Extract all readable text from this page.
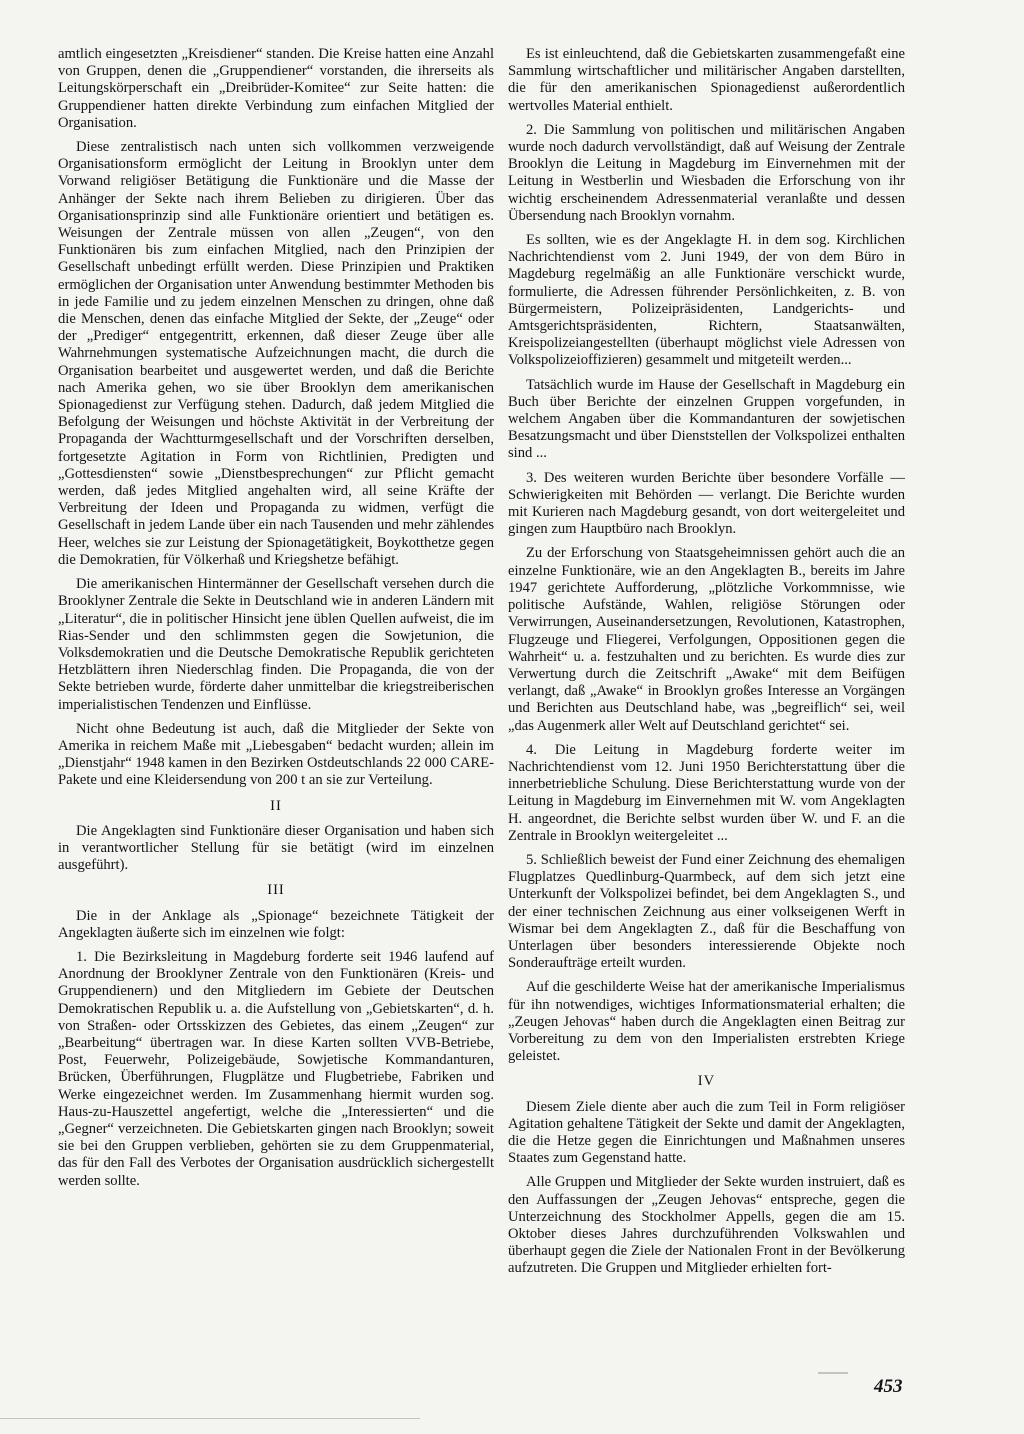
amtlich eingesetzten „Kreisdiener“ standen. Die Kreise hatten eine Anzahl von Gruppen, denen die „Gruppendiener“ vorstanden, die ihrerseits als Leitungskörperschaft ein „Dreibrüder-Komitee“ zur Seite hatten: die Gruppendiener hatten direkte Verbindung zum einfachen Mitglied der Organisation.

Diese zentralistisch nach unten sich vollkommen verzweigende Organisationsform ermöglicht der Leitung in Brooklyn unter dem Vorwand religiöser Betätigung die Funktionäre und die Masse der Anhänger der Sekte nach ihrem Belieben zu dirigieren. Über das Organisationsprinzip sind alle Funktionäre orientiert und betätigen es. Weisungen der Zentrale müssen von allen „Zeugen“, von den Funktionären bis zum einfachen Mitglied, nach den Prinzipien der Gesellschaft unbedingt erfüllt werden. Diese Prinzipien und Praktiken ermöglichen der Organisation unter Anwendung bestimmter Methoden bis in jede Familie und zu jedem einzelnen Menschen zu dringen, ohne daß die Menschen, denen das einfache Mitglied der Sekte, der „Zeuge“ oder der „Prediger“ entgegentritt, erkennen, daß dieser Zeuge über alle Wahrnehmungen systematische Aufzeichnungen macht, die durch die Organisation bearbeitet und ausgewertet werden, und daß die Berichte nach Amerika gehen, wo sie über Brooklyn dem amerikanischen Spionagedienst zur Verfügung stehen. Dadurch, daß jedem Mitglied die Befolgung der Weisungen und höchste Aktivität in der Verbreitung der Propaganda der Wachtturmgesellschaft und der Vorschriften derselben, fortgesetzte Agitation in Form von Richtlinien, Predigten und „Gottesdiensten“ sowie „Dienstbesprechungen“ zur Pflicht gemacht werden, daß jedes Mitglied angehalten wird, all seine Kräfte der Verbreitung der Ideen und Propaganda zu widmen, verfügt die Gesellschaft in jedem Lande über ein nach Tausenden und mehr zählendes Heer, welches sie zur Leistung der Spionagetätigkeit, Boykotthetze gegen die Demokratien, für Völkerhaß und Kriegshetze befähigt.

Die amerikanischen Hintermänner der Gesellschaft versehen durch die Brooklyner Zentrale die Sekte in Deutschland wie in anderen Ländern mit „Literatur“, die in politischer Hinsicht jene üblen Quellen aufweist, die im Rias-Sender und den schlimmsten gegen die Sowjetunion, die Volksdemokratien und die Deutsche Demokratische Republik gerichteten Hetzblättern ihren Niederschlag finden. Die Propaganda, die von der Sekte betrieben wurde, förderte daher unmittelbar die kriegstreiberischen imperialistischen Tendenzen und Einflüsse.

Nicht ohne Bedeutung ist auch, daß die Mitglieder der Sekte von Amerika in reichem Maße mit „Liebesgaben“ bedacht wurden; allein im „Dienstjahr“ 1948 kamen in den Bezirken Ostdeutschlands 22 000 CARE-Pakete und eine Kleidersendung von 200 t an sie zur Verteilung.

II

Die Angeklagten sind Funktionäre dieser Organisation und haben sich in verantwortlicher Stellung für sie betätigt (wird im einzelnen ausgeführt).

III

Die in der Anklage als „Spionage“ bezeichnete Tätigkeit der Angeklagten äußerte sich im einzelnen wie folgt:

1. Die Bezirksleitung in Magdeburg forderte seit 1946 laufend auf Anordnung der Brooklyner Zentrale von den Funktionären (Kreis- und Gruppendienern) und den Mitgliedern im Gebiete der Deutschen Demokratischen Republik u. a. die Aufstellung von „Gebietskarten“, d. h. von Straßen- oder Ortsskizzen des Gebietes, das einem „Zeugen“ zur „Bearbeitung“ übertragen war. In diese Karten sollten VVB-Betriebe, Post, Feuerwehr, Polizeigebäude, Sowjetische Kommandanturen, Brücken, Überführungen, Flugplätze und Flugbetriebe, Fabriken und Werke eingezeichnet werden. Im Zusammenhang hiermit wurden sog. Haus-zu-Hauszettel angefertigt, welche die „Interessierten“ und die „Gegner“ verzeichneten. Die Gebietskarten gingen nach Brooklyn; soweit sie bei den Gruppen verblieben, gehörten sie zu dem Gruppenmaterial, das für den Fall des Verbotes der Organisation ausdrücklich sichergestellt werden sollte.

Es ist einleuchtend, daß die Gebietskarten zusammengefaßt eine Sammlung wirtschaftlicher und militärischer Angaben darstellten, die für den amerikanischen Spionagedienst außerordentlich wertvolles Material enthielt.

2. Die Sammlung von politischen und militärischen Angaben wurde noch dadurch vervollständigt, daß auf Weisung der Zentrale Brooklyn die Leitung in Magdeburg im Einvernehmen mit der Leitung in Westberlin und Wiesbaden die Erforschung von ihr wichtig erscheinendem Adressenmaterial veranlaßte und dessen Übersendung nach Brooklyn vornahm.

Es sollten, wie es der Angeklagte H. in dem sog. Kirchlichen Nachrichtendienst vom 2. Juni 1949, der von dem Büro in Magdeburg regelmäßig an alle Funktionäre verschickt wurde, formulierte, die Adressen führender Persönlichkeiten, z. B. von Bürgermeistern, Polizeipräsidenten, Landgerichts- und Amtsgerichtspräsidenten, Richtern, Staatsanwälten, Kreispolizeiangestellten (überhaupt möglichst viele Adressen von Volkspolizeioffizieren) gesammelt und mitgeteilt werden...

Tatsächlich wurde im Hause der Gesellschaft in Magdeburg ein Buch über Berichte der einzelnen Gruppen vorgefunden, in welchem Angaben über die Kommandanturen der sowjetischen Besatzungsmacht und über Dienststellen der Volkspolizei enthalten sind ...

3. Des weiteren wurden Berichte über besondere Vorfälle — Schwierigkeiten mit Behörden — verlangt. Die Berichte wurden mit Kurieren nach Magdeburg gesandt, von dort weitergeleitet und gingen zum Hauptbüro nach Brooklyn.

Zu der Erforschung von Staatsgeheimnissen gehört auch die an einzelne Funktionäre, wie an den Angeklagten B., bereits im Jahre 1947 gerichtete Aufforderung, „plötzliche Vorkommnisse, wie politische Aufstände, Wahlen, religiöse Störungen oder Verwirrungen, Auseinandersetzungen, Revolutionen, Katastrophen, Flugzeuge und Fliegerei, Verfolgungen, Oppositionen gegen die Wahrheit“ u. a. festzuhalten und zu berichten. Es wurde dies zur Verwertung durch die Zeitschrift „Awake“ mit dem Beifügen verlangt, daß „Awake“ in Brooklyn großes Interesse an Vorgängen und Berichten aus Deutschland habe, was „begreiflich“ sei, weil „das Augenmerk aller Welt auf Deutschland gerichtet“ sei.

4. Die Leitung in Magdeburg forderte weiter im Nachrichtendienst vom 12. Juni 1950 Berichterstattung über die innerbetriebliche Schulung. Diese Berichterstattung wurde von der Leitung in Magdeburg im Einvernehmen mit W. vom Angeklagten H. angeordnet, die Berichte selbst wurden über W. und F. an die Zentrale in Brooklyn weitergeleitet ...

5. Schließlich beweist der Fund einer Zeichnung des ehemaligen Flugplatzes Quedlinburg-Quarmbeck, auf dem sich jetzt eine Unterkunft der Volkspolizei befindet, bei dem Angeklagten S., und der einer technischen Zeichnung aus einer volkseigenen Werft in Wismar bei dem Angeklagten Z., daß für die Beschaffung von Unterlagen über besonders interessierende Objekte noch Sonderaufträge erteilt wurden.

Auf die geschilderte Weise hat der amerikanische Imperialismus für ihn notwendiges, wichtiges Informationsmaterial erhalten; die „Zeugen Jehovas“ haben durch die Angeklagten einen Beitrag zur Vorbereitung zu dem von den Imperialisten erstrebten Kriege geleistet.

IV

Diesem Ziele diente aber auch die zum Teil in Form religiöser Agitation gehaltene Tätigkeit der Sekte und damit der Angeklagten, die die Hetze gegen die Einrichtungen und Maßnahmen unseres Staates zum Gegenstand hatte.

Alle Gruppen und Mitglieder der Sekte wurden instruiert, daß es den Auffassungen der „Zeugen Jehovas“ entspreche, gegen die Unterzeichnung des Stockholmer Appells, gegen die am 15. Oktober dieses Jahres durchzuführenden Volkswahlen und überhaupt gegen die Ziele der Nationalen Front in der Bevölkerung aufzutreten. Die Gruppen und Mitglieder erhielten fort-

453
